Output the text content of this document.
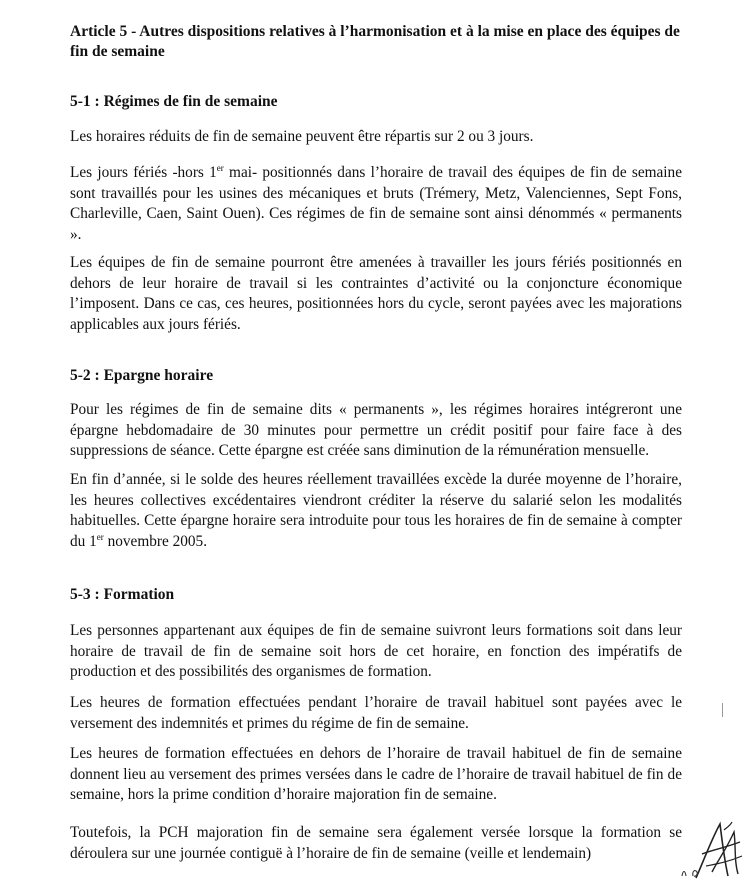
Article 5 - Autres dispositions relatives à l’harmonisation et à la mise en place des équipes de fin de semaine
5-1 : Régimes de fin de semaine

Les horaires réduits de fin de semaine peuvent être répartis sur 2 ou 3 jours.

Les jours fériés -hors 1er mai- positionnés dans l’horaire de travail des équipes de fin de semaine sont travaillés pour les usines des mécaniques et bruts (Trémery, Metz, Valenciennes, Sept Fons, Charleville, Caen, Saint Ouen). Ces régimes de fin de semaine sont ainsi dénommés « permanents ».

Les équipes de fin de semaine pourront être amenées à travailler les jours fériés positionnés en dehors de leur horaire de travail si les contraintes d’activité ou la conjoncture économique l’imposent. Dans ce cas, ces heures, positionnées hors du cycle, seront payées avec les majorations applicables aux jours fériés.

5-2 : Epargne horaire

Pour les régimes de fin de semaine dits « permanents », les régimes horaires intégreront une épargne hebdomadaire de 30 minutes pour permettre un crédit positif pour faire face à des suppressions de séance. Cette épargne est créée sans diminution de la rémunération mensuelle.

En fin d’année, si le solde des heures réellement travaillées excède la durée moyenne de l’horaire, les heures collectives excédentaires viendront créditer la réserve du salarié selon les modalités habituelles. Cette épargne horaire sera introduite pour tous les horaires de fin de semaine à compter du 1er novembre 2005.

5-3 : Formation

Les personnes appartenant aux équipes de fin de semaine suivront leurs formations soit dans leur horaire de travail de fin de semaine soit hors de cet horaire, en fonction des impératifs de production et des possibilités des organismes de formation.

Les heures de formation effectuées pendant l’horaire de travail habituel sont payées avec le versement des indemnités et primes du régime de fin de semaine.

Les heures de formation effectuées en dehors de l’horaire de travail habituel de fin de semaine donnent lieu au versement des primes versées dans le cadre de l’horaire de travail habituel de fin de semaine, hors la prime condition d’horaire majoration fin de semaine.

Toutefois, la PCH majoration fin de semaine sera également versée lorsque la formation se déroulera sur une journée contiguë à l’horaire de fin de semaine (veille et lendemain)
